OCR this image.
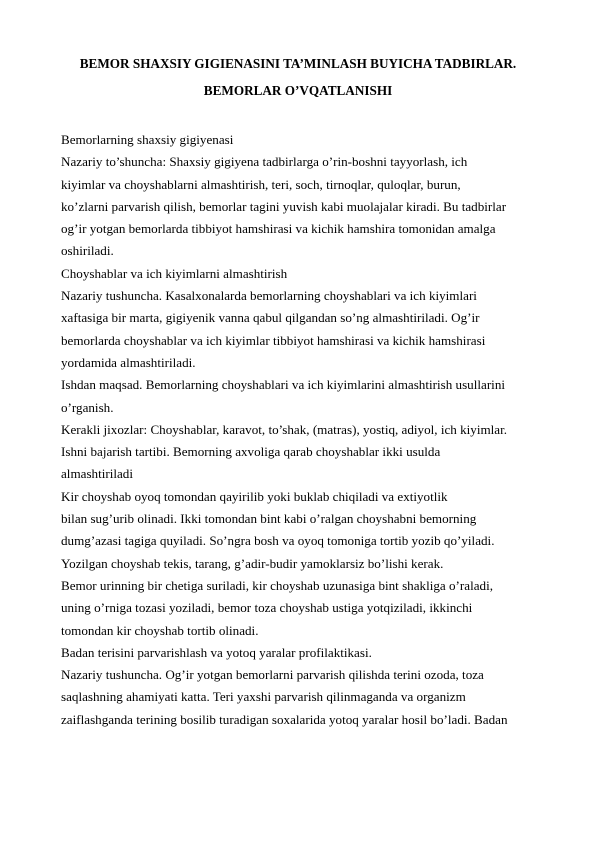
BEMOR SHAXSIY GIGIENASINI TA’MINLASH BUYICHA TADBIRLAR.
BEMORLAR O’VQATLANISHI
Bemorlarning shaxsiy gigiyenasi
Nazariy to’shuncha: Shaxsiy gigiyena tadbirlarga o’rin-boshni tayyorlash, ich
kiyimlar va choyshablarni almashtirish, teri, soch, tirnoqlar, quloqlar, burun,
ko’zlarni parvarish qilish, bemorlar tagini yuvish kabi muolajalar kiradi. Bu tadbirlar
og’ir yotgan bemorlarda tibbiyot hamshirasi va kichik hamshira tomonidan amalga
oshiriladi.
Choyshablar va ich kiyimlarni almashtirish
Nazariy tushuncha. Kasalxonalarda bemorlarning choyshablari va ich kiyimlari
xaftasiga bir marta, gigiyenik vanna qabul qilgandan so’ng almashtiriladi. Og’ir
bemorlarda choyshablar va ich kiyimlar tibbiyot hamshirasi va kichik hamshirasi
yordamida almashtiriladi.
Ishdan maqsad. Bemorlarning choyshablari va ich kiyimlarini almashtirish usullarini
o’rganish.
Kerakli jixozlar: Choyshablar, karavot, to’shak, (matras), yostiq, adiyol, ich kiyimlar.
Ishni bajarish tartibi. Bemorning axvoliga qarab choyshablar ikki usulda
almashtiriladi
Kir choyshab oyoq tomondan qayirilib yoki buklab chiqiladi va extiyotlik
bilan sug’urib olinadi. Ikki tomondan bint kabi o’ralgan choyshabni bemorning
dumg’azasi tagiga quyiladi. So’ngra bosh va oyoq tomoniga tortib yozib qo’yiladi.
Yozilgan choyshab tekis, tarang, g’adir-budir yamoklarsiz bo’lishi kerak.
Bemor urinning bir chetiga suriladi, kir choyshab uzunasiga bint shakliga o’raladi,
uning o’rniga tozasi yoziladi, bemor toza choyshab ustiga yotqiziladi, ikkinchi
tomondan kir choyshab tortib olinadi.
Badan terisini parvarishlash va yotoq yaralar profilaktikasi.
Nazariy tushuncha. Og’ir yotgan bemorlarni parvarish qilishda terini ozoda, toza
saqlashning ahamiyati katta. Teri yaxshi parvarish qilinmaganda va organizm
zaiflashganda terining bosilib turadigan soxalarida yotoq yaralar hosil bo’ladi. Badan
